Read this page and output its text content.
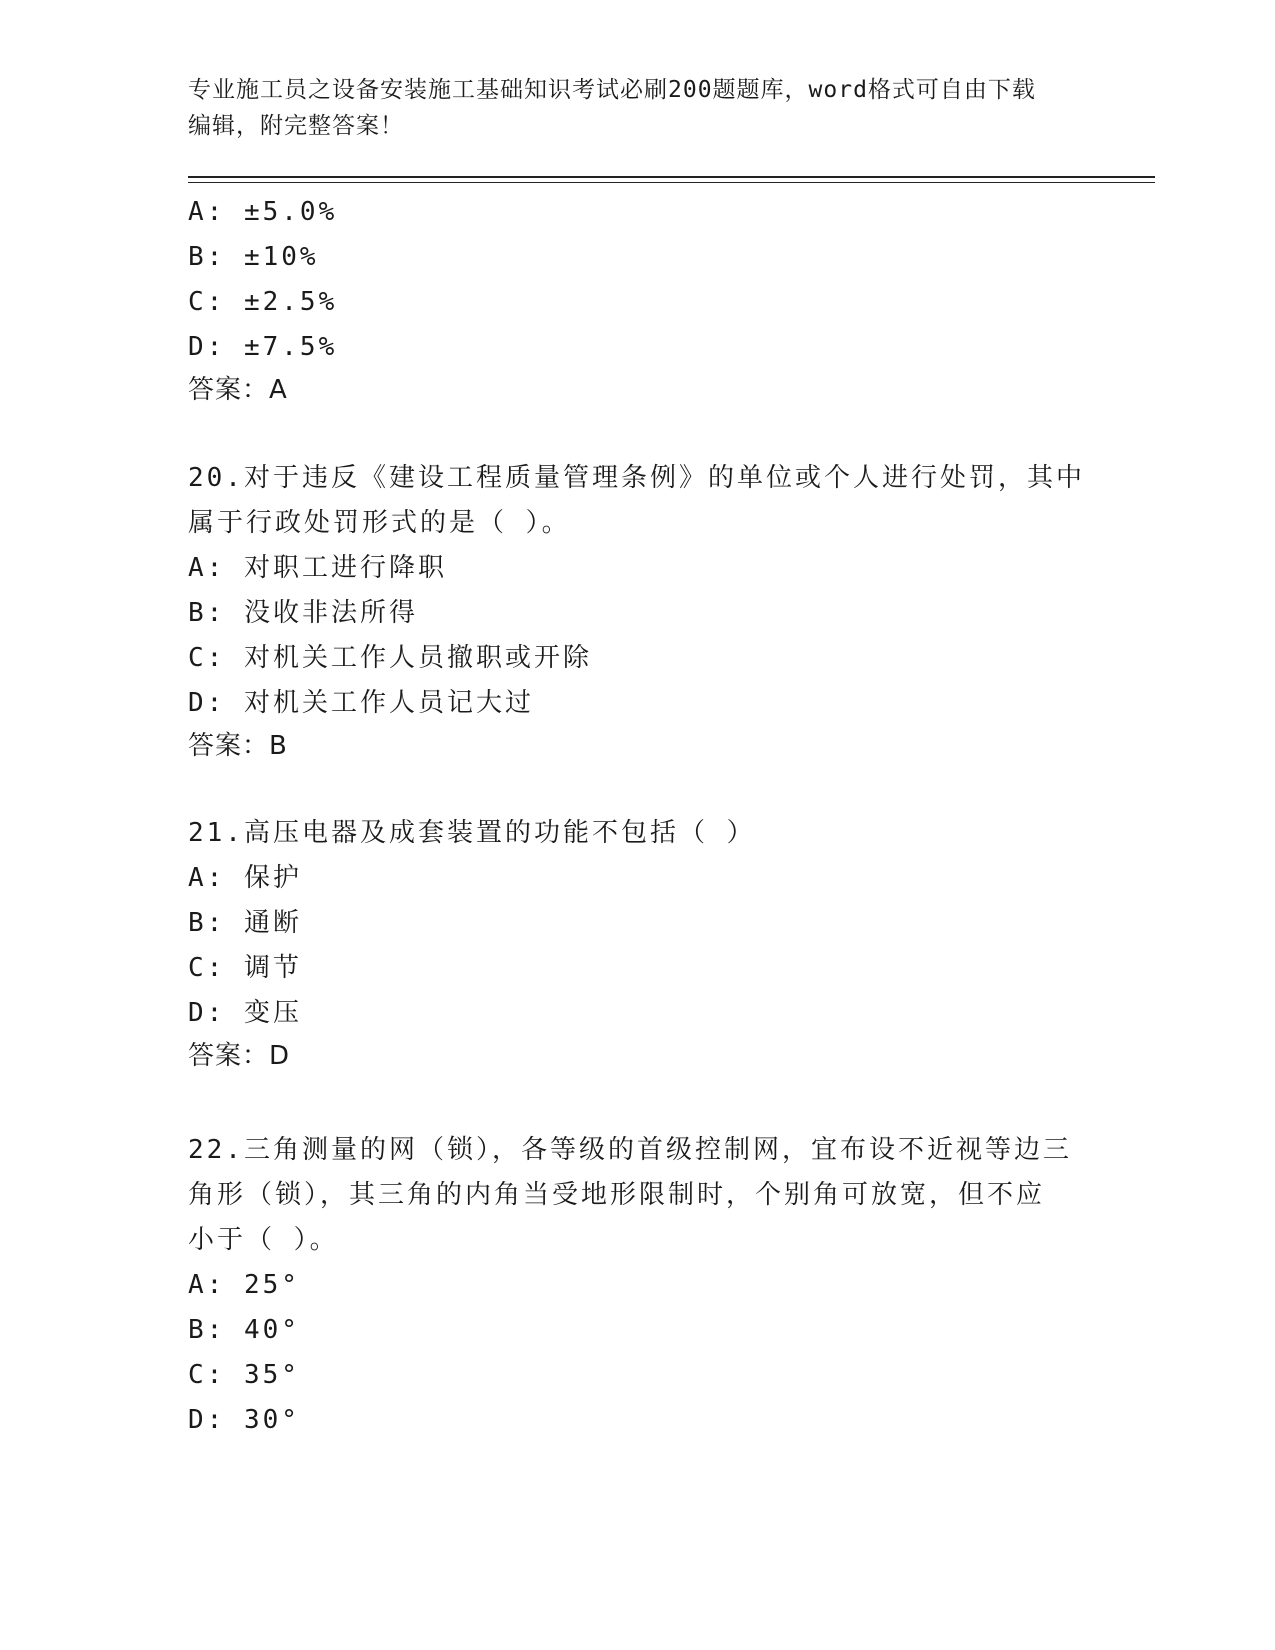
专业施工员之设备安装施工基础知识考试必刷200题题库，word格式可自由下载
编辑，附完整答案！
A: ±5.0%
B: ±10%
C: ±2.5%
D: ±7.5%
答案：A
20.对于违反《建设工程质量管理条例》的单位或个人进行处罚，其中
属于行政处罚形式的是（ ）。
A: 对职工进行降职
B: 没收非法所得
C: 对机关工作人员撤职或开除
D: 对机关工作人员记大过
答案：B
21.高压电器及成套装置的功能不包括（ ）
A: 保护
B: 通断
C: 调节
D: 变压
答案：D
22.三角测量的网（锁），各等级的首级控制网，宜布设不近视等边三
角形（锁），其三角的内角当受地形限制时，个别角可放宽，但不应
小于（ ）。
A: 25°
B: 40°
C: 35°
D: 30°
